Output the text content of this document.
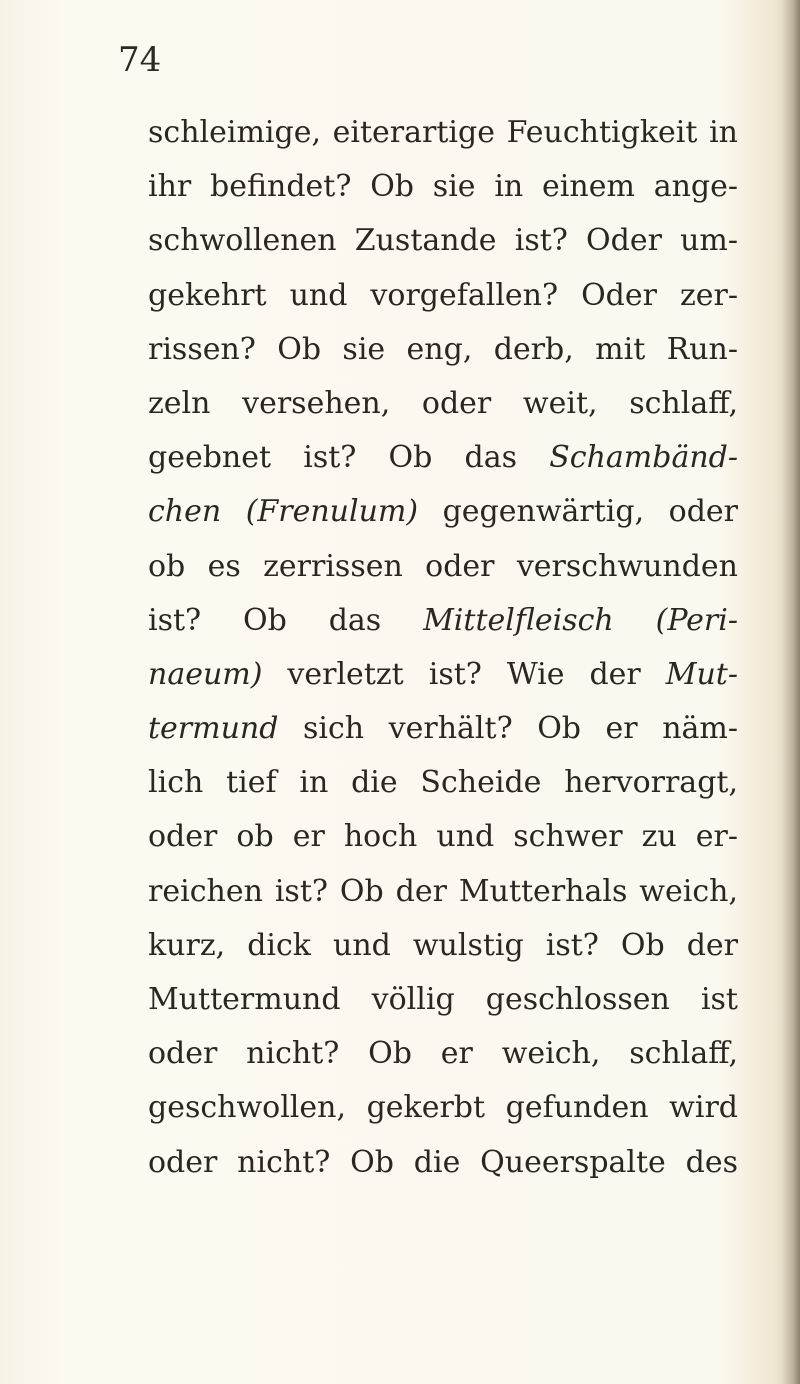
74
schleimige, eiterartige Feuchtigkeit in
ihr befindet? Ob sie in einem ange-
schwollenen Zustande ist? Oder um-
gekehrt und vorgefallen? Oder zer-
rissen? Ob sie eng, derb, mit Run-
zeln versehen, oder weit, schlaff,
geebnet ist? Ob das Schambänd-
chen (Frenulum) gegenwärtig, oder
ob es zerrissen oder verschwunden
ist? Ob das Mittelfleisch (Peri-
naeum) verletzt ist? Wie der Mut-
termund sich verhält? Ob er näm-
lich tief in die Scheide hervorragt,
oder ob er hoch und schwer zu er-
reichen ist? Ob der Mutterhals weich,
kurz, dick und wulstig ist? Ob der
Muttermund völlig geschlossen ist
oder nicht? Ob er weich, schlaff,
geschwollen, gekerbt gefunden wird
oder nicht? Ob die Queerspalte des
